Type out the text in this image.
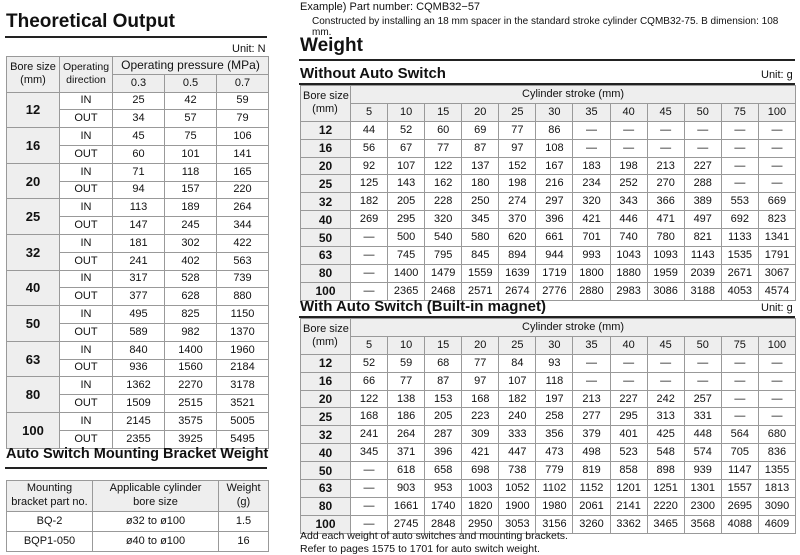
Theoretical Output
Unit: N
Bore size
(mm)	Operating
direction	Operating pressure (MPa)		
		0.3	0.5	0.7
12	IN	25	42	59
	OUT	34	57	79
16	IN	45	75	106
	OUT	60	101	141
20	IN	71	118	165
	OUT	94	157	220
25	IN	113	189	264
	OUT	147	245	344
32	IN	181	302	422
	OUT	241	402	563
40	IN	317	528	739
	OUT	377	628	880
50	IN	495	825	1150
	OUT	589	982	1370
63	IN	840	1400	1960
	OUT	936	1560	2184
80	IN	1362	2270	3178
	OUT	1509	2515	3521
100	IN	2145	3575	5005
	OUT	2355	3925	5495
Auto Switch Mounting Bracket Weight
Mounting
bracket part no.	Applicable cylinder
bore size	Weight
(g)
BQ-2	ø32 to ø100	1.5
BQP1-050	ø40 to ø100	16
Example) Part number: CQMB32−57
Constructed by installing an 18 mm spacer in the standard stroke cylinder CQMB32-75. B dimension: 108 mm.
Weight
Without Auto Switch	Unit: g
Bore size
(mm)	Cylinder stroke (mm)											
	5	10	15	20	25	30	35	40	45	50	75	100
12	44	52	60	69	77	86	—	—	—	—	—	—
16	56	67	77	87	97	108	—	—	—	—	—	—
20	92	107	122	137	152	167	183	198	213	227	—	—
25	125	143	162	180	198	216	234	252	270	288	—	—
32	182	205	228	250	274	297	320	343	366	389	553	669
40	269	295	320	345	370	396	421	446	471	497	692	823
50	—	500	540	580	620	661	701	740	780	821	1133	1341
63	—	745	795	845	894	944	993	1043	1093	1143	1535	1791
80	—	1400	1479	1559	1639	1719	1800	1880	1959	2039	2671	3067
100	—	2365	2468	2571	2674	2776	2880	2983	3086	3188	4053	4574
With Auto Switch (Built-in magnet)	Unit: g
Bore size
(mm)	Cylinder stroke (mm)											
	5	10	15	20	25	30	35	40	45	50	75	100
12	52	59	68	77	84	93	—	—	—	—	—	—
16	66	77	87	97	107	118	—	—	—	—	—	—
20	122	138	153	168	182	197	213	227	242	257	—	—
25	168	186	205	223	240	258	277	295	313	331	—	—
32	241	264	287	309	333	356	379	401	425	448	564	680
40	345	371	396	421	447	473	498	523	548	574	705	836
50	—	618	658	698	738	779	819	858	898	939	1147	1355
63	—	903	953	1003	1052	1102	1152	1201	1251	1301	1557	1813
80	—	1661	1740	1820	1900	1980	2061	2141	2220	2300	2695	3090
100	—	2745	2848	2950	3053	3156	3260	3362	3465	3568	4088	4609
Add each weight of auto switches and mounting brackets.
Refer to pages 1575 to 1701 for auto switch weight.
